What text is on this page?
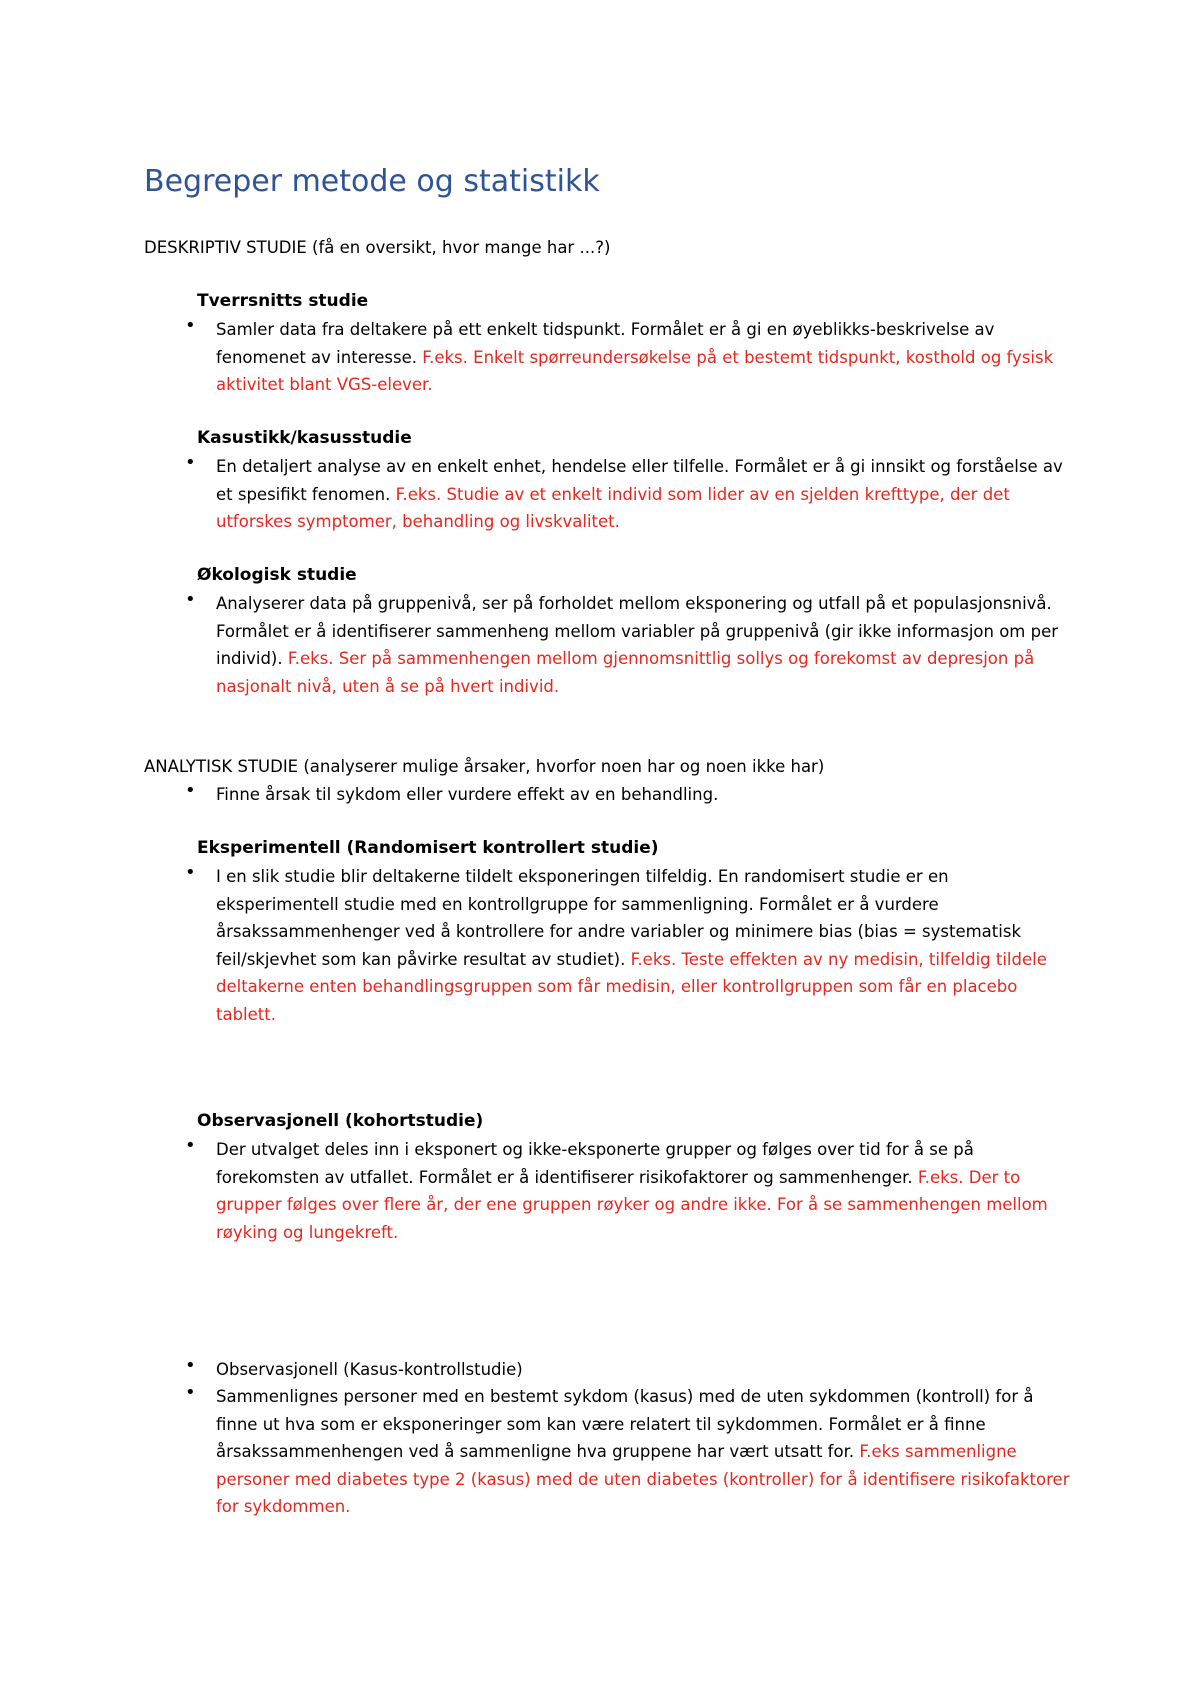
Begreper metode og statistikk
DESKRIPTIV STUDIE (få en oversikt, hvor mange har ...?)
Tverrsnitts studie
• Samler data fra deltakere på ett enkelt tidspunkt. Formålet er å gi en øyeblikks-beskrivelse av fenomenet av interesse. F.eks. Enkelt spørreundersøkelse på et bestemt tidspunkt, kosthold og fysisk aktivitet blant VGS-elever.
Kasustikk/kasusstudie
• En detaljert analyse av en enkelt enhet, hendelse eller tilfelle. Formålet er å gi innsikt og forståelse av et spesifikt fenomen. F.eks. Studie av et enkelt individ som lider av en sjelden krefttype, der det utforskes symptomer, behandling og livskvalitet.
Økologisk studie
• Analyserer data på gruppenivå, ser på forholdet mellom eksponering og utfall på et populasjonsnivå. Formålet er å identifiserer sammenheng mellom variabler på gruppenivå (gir ikke informasjon om per individ). F.eks. Ser på sammenhengen mellom gjennomsnittlig sollys og forekomst av depresjon på nasjonalt nivå, uten å se på hvert individ.
ANALYTISK STUDIE (analyserer mulige årsaker, hvorfor noen har og noen ikke har)
• Finne årsak til sykdom eller vurdere effekt av en behandling.
Eksperimentell (Randomisert kontrollert studie)
• I en slik studie blir deltakerne tildelt eksponeringen tilfeldig. En randomisert studie er en eksperimentell studie med en kontrollgruppe for sammenligning. Formålet er å vurdere årsakssammenhenger ved å kontrollere for andre variabler og minimere bias (bias = systematisk feil/skjevhet som kan påvirke resultat av studiet). F.eks. Teste effekten av ny medisin, tilfeldig tildele deltakerne enten behandlingsgruppen som får medisin, eller kontrollgruppen som får en placebo tablett.
Observasjonell (kohortstudie)
• Der utvalget deles inn i eksponert og ikke-eksponerte grupper og følges over tid for å se på forekomsten av utfallet. Formålet er å identifiserer risikofaktorer og sammenhenger. F.eks. Der to grupper følges over flere år, der ene gruppen røyker og andre ikke. For å se sammenhengen mellom røyking og lungekreft.
• Observasjonell (Kasus-kontrollstudie)
• Sammenlignes personer med en bestemt sykdom (kasus) med de uten sykdommen (kontroll) for å finne ut hva som er eksponeringer som kan være relatert til sykdommen. Formålet er å finne årsakssammenhengen ved å sammenligne hva gruppene har vært utsatt for. F.eks sammenligne personer med diabetes type 2 (kasus) med de uten diabetes (kontroller) for å identifisere risikofaktorer for sykdommen.
